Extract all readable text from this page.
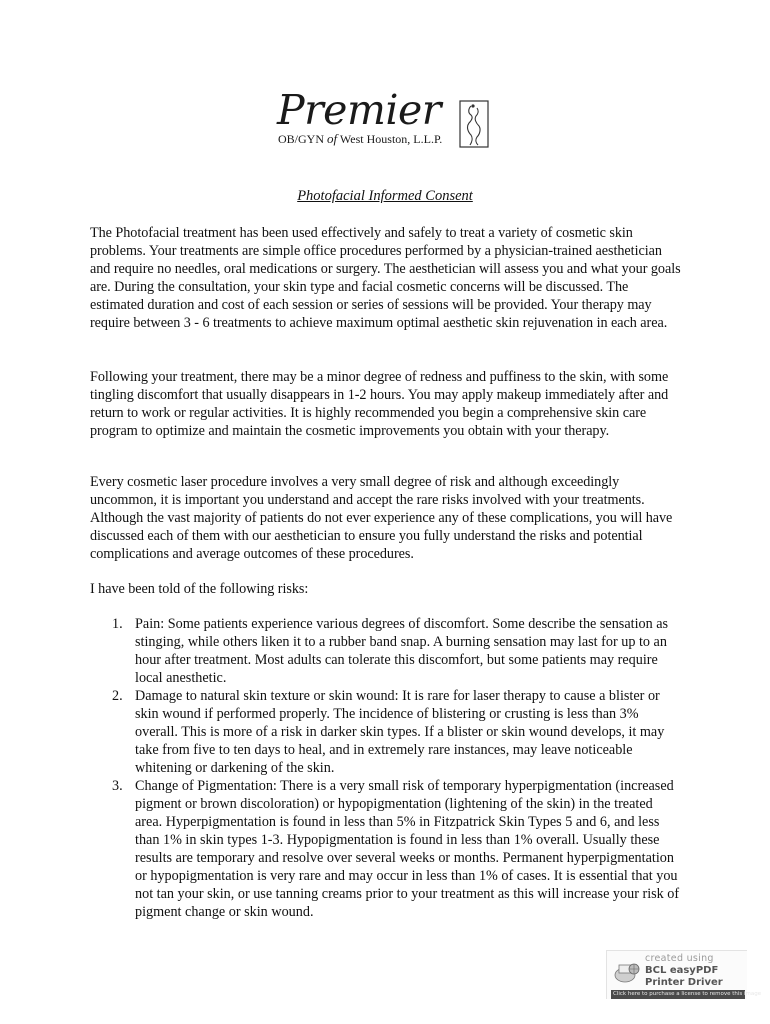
Premier
OB/GYN of West Houston, L.L.P.
Photofacial Informed Consent

The Photofacial treatment has been used effectively and safely to treat a variety of cosmetic skin problems. Your treatments are simple office procedures performed by a physician-trained aesthetician and require no needles, oral medications or surgery. The aesthetician will assess you and what your goals are. During the consultation, your skin type and facial cosmetic concerns will be discussed. The estimated duration and cost of each session or series of sessions will be provided. Your therapy may require between 3 - 6 treatments to achieve maximum optimal aesthetic skin rejuvenation in each area.

Following your treatment, there may be a minor degree of redness and puffiness to the skin, with some tingling discomfort that usually disappears in 1-2 hours. You may apply makeup immediately after and return to work or regular activities. It is highly recommended you begin a comprehensive skin care program to optimize and maintain the cosmetic improvements you obtain with your therapy.

Every cosmetic laser procedure involves a very small degree of risk and although exceedingly uncommon, it is important you understand and accept the rare risks involved with your treatments. Although the vast majority of patients do not ever experience any of these complications, you will have discussed each of them with our aesthetician to ensure you fully understand the risks and potential complications and average outcomes of these procedures.

I have been told of the following risks:

1. Pain: Some patients experience various degrees of discomfort. Some describe the sensation as stinging, while others liken it to a rubber band snap. A burning sensation may last for up to an hour after treatment. Most adults can tolerate this discomfort, but some patients may require local anesthetic.
2. Damage to natural skin texture or skin wound: It is rare for laser therapy to cause a blister or skin wound if performed properly. The incidence of blistering or crusting is less than 3% overall. This is more of a risk in darker skin types. If a blister or skin wound develops, it may take from five to ten days to heal, and in extremely rare instances, may leave noticeable whitening or darkening of the skin.
3. Change of Pigmentation: There is a very small risk of temporary hyperpigmentation (increased pigment or brown discoloration) or hypopigmentation (lightening of the skin) in the treated area. Hyperpigmentation is found in less than 5% in Fitzpatrick Skin Types 5 and 6, and less than 1% in skin types 1-3. Hypopigmentation is found in less than 1% overall. Usually these results are temporary and resolve over several weeks or months. Permanent hyperpigmentation or hypopigmentation is very rare and may occur in less than 1% of cases. It is essential that you not tan your skin, or use tanning creams prior to your treatment as this will increase your risk of pigment change or skin wound.
created using
BCL easyPDF
Printer Driver
Click here to purchase a license to remove this image
